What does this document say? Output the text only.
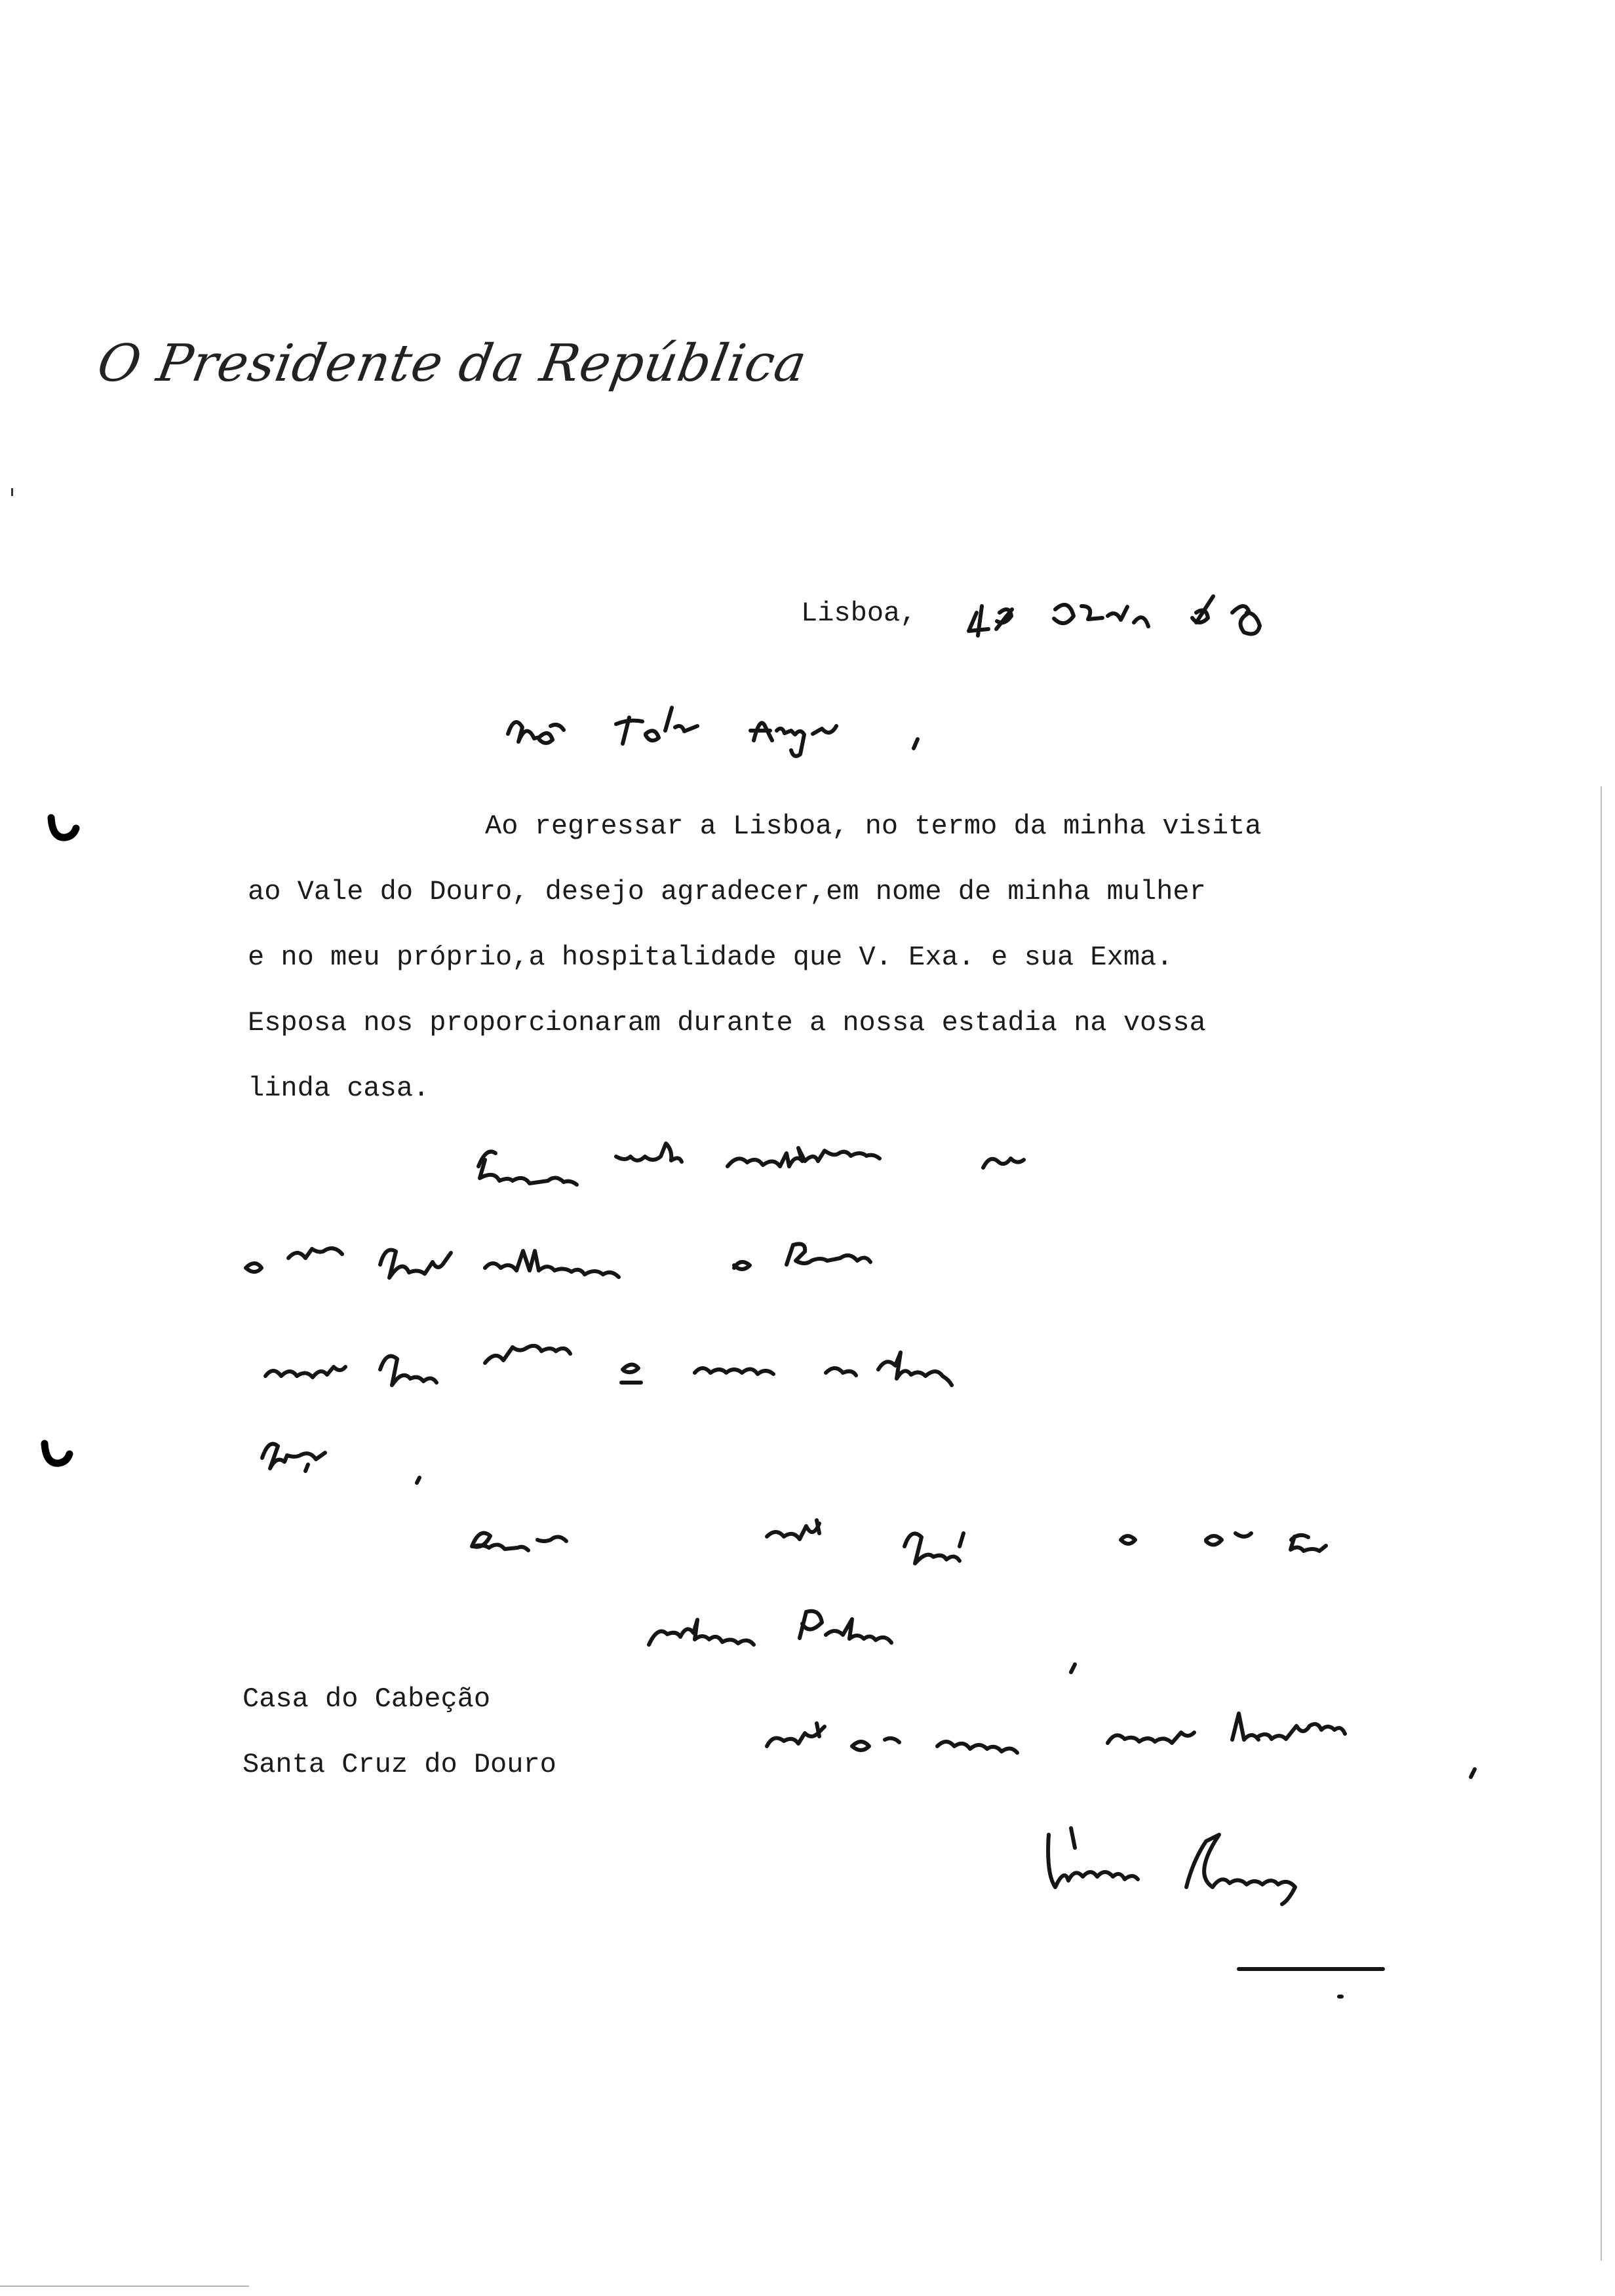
O Presidente da República
Lisboa,
Ao regressar a Lisboa, no termo da minha visita
ao Vale do Douro, desejo agradecer,em nome de minha mulher
e no meu próprio,a hospitalidade que V. Exa. e sua Exma.
Esposa nos proporcionaram durante a nossa estadia na vossa
linda casa.
Casa do Cabeção
Santa Cruz do Douro
